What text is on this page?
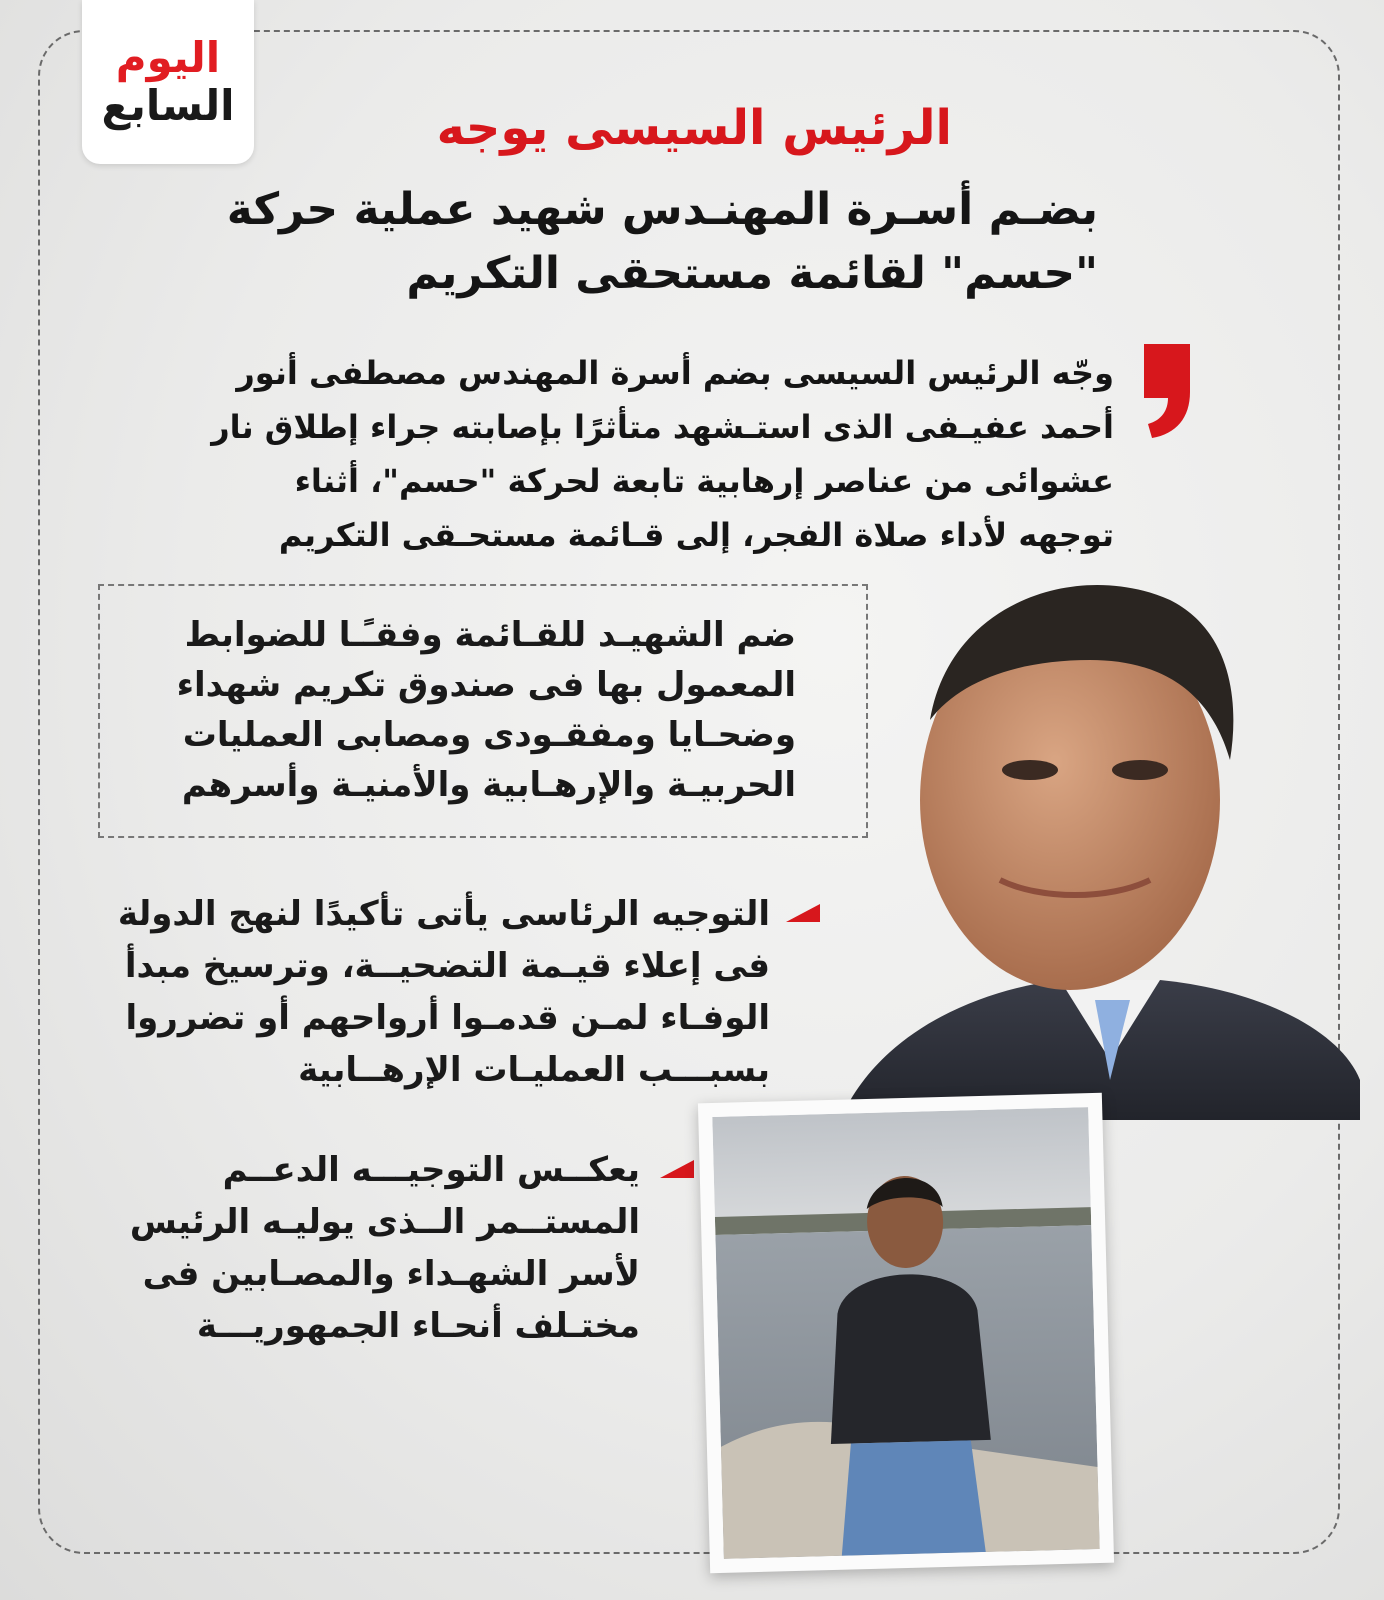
اليوم
السابع	الرئيس السيسى يوجه
بضـم أسـرة المهنـدس شهيد عملية حركة "حسم" لقائمة مستحقى التكريم

وجّه الرئيس السيسى بضم أسرة المهندس مصطفى أنور أحمد عفيـفى الذى استـشهد متأثرًا بإصابته جراء إطلاق نار عشوائى من عناصر إرهابية تابعة لحركة "حسم"، أثناء توجهه لأداء صلاة الفجر، إلى قـائمة مستحـقى التكريم

ضم الشهيـد للقـائمة وفقـًـا للضوابط المعمول بها فى صندوق تكريم شهداء وضحـايا ومفقـودى ومصابى العمليات الحربيـة والإرهـابية والأمنيـة وأسرهم

التوجيه الرئاسى يأتى تأكيدًا لنهج الدولة فى إعلاء قيـمة التضحيــة، وترسيخ مبدأ الوفـاء لمـن قدمـوا أرواحهم أو تضرروا بسبـــب العمليـات الإرهــابية

يعكــس التوجيـــه الدعــم المستــمر الــذى يوليـه الرئيس لأسر الشهـداء والمصـابين فى مختـلف أنحـاء الجمهوريـــة
